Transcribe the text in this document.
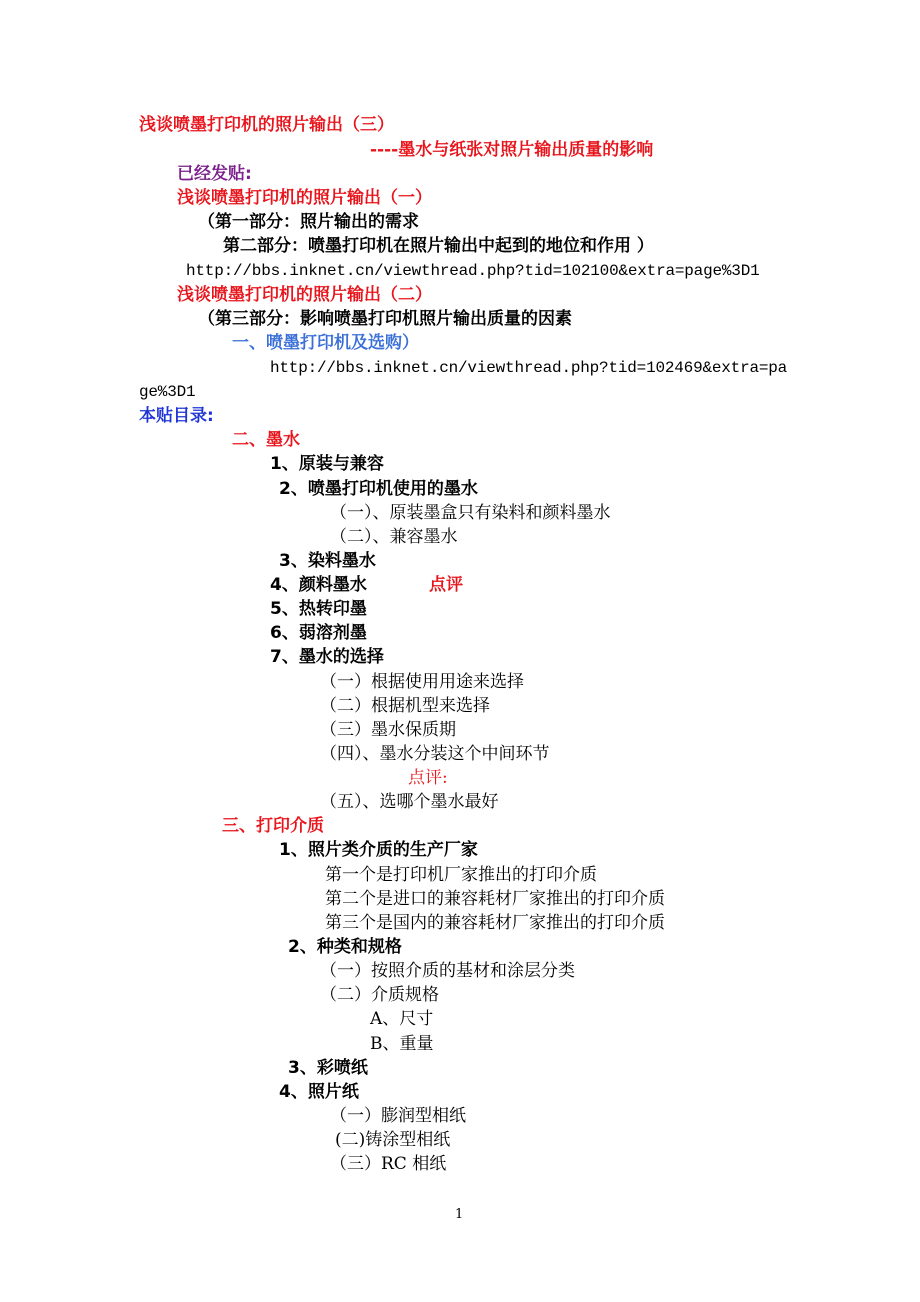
浅谈喷墨打印机的照片输出（三）
----墨水与纸张对照片输出质量的影响
已经发贴:
浅谈喷墨打印机的照片输出（一）
（第一部分：照片输出的需求
第二部分：喷墨打印机在照片输出中起到的地位和作用 ）
http://bbs.inknet.cn/viewthread.php?tid=102100&extra=page%3D1
浅谈喷墨打印机的照片输出（二）
（第三部分：影响喷墨打印机照片输出质量的因素
一、喷墨打印机及选购）
http://bbs.inknet.cn/viewthread.php?tid=102469&extra=pa
ge%3D1
本贴目录:
二、墨水
1、原装与兼容
2、喷墨打印机使用的墨水
（一）、原装墨盒只有染料和颜料墨水
（二）、兼容墨水
3、染料墨水
4、颜料墨水	点评
5、热转印墨
6、弱溶剂墨
7、墨水的选择
（一）根据使用用途来选择
（二）根据机型来选择
（三）墨水保质期
（四）、墨水分装这个中间环节
点评:
（五）、选哪个墨水最好
三、打印介质
1、照片类介质的生产厂家
第一个是打印机厂家推出的打印介质
第二个是进口的兼容耗材厂家推出的打印介质
第三个是国内的兼容耗材厂家推出的打印介质
2、种类和规格
（一）按照介质的基材和涂层分类
（二）介质规格
A、尺寸
B、重量
3、彩喷纸
4、照片纸
（一）膨润型相纸
(二)铸涂型相纸
（三）RC 相纸
1
